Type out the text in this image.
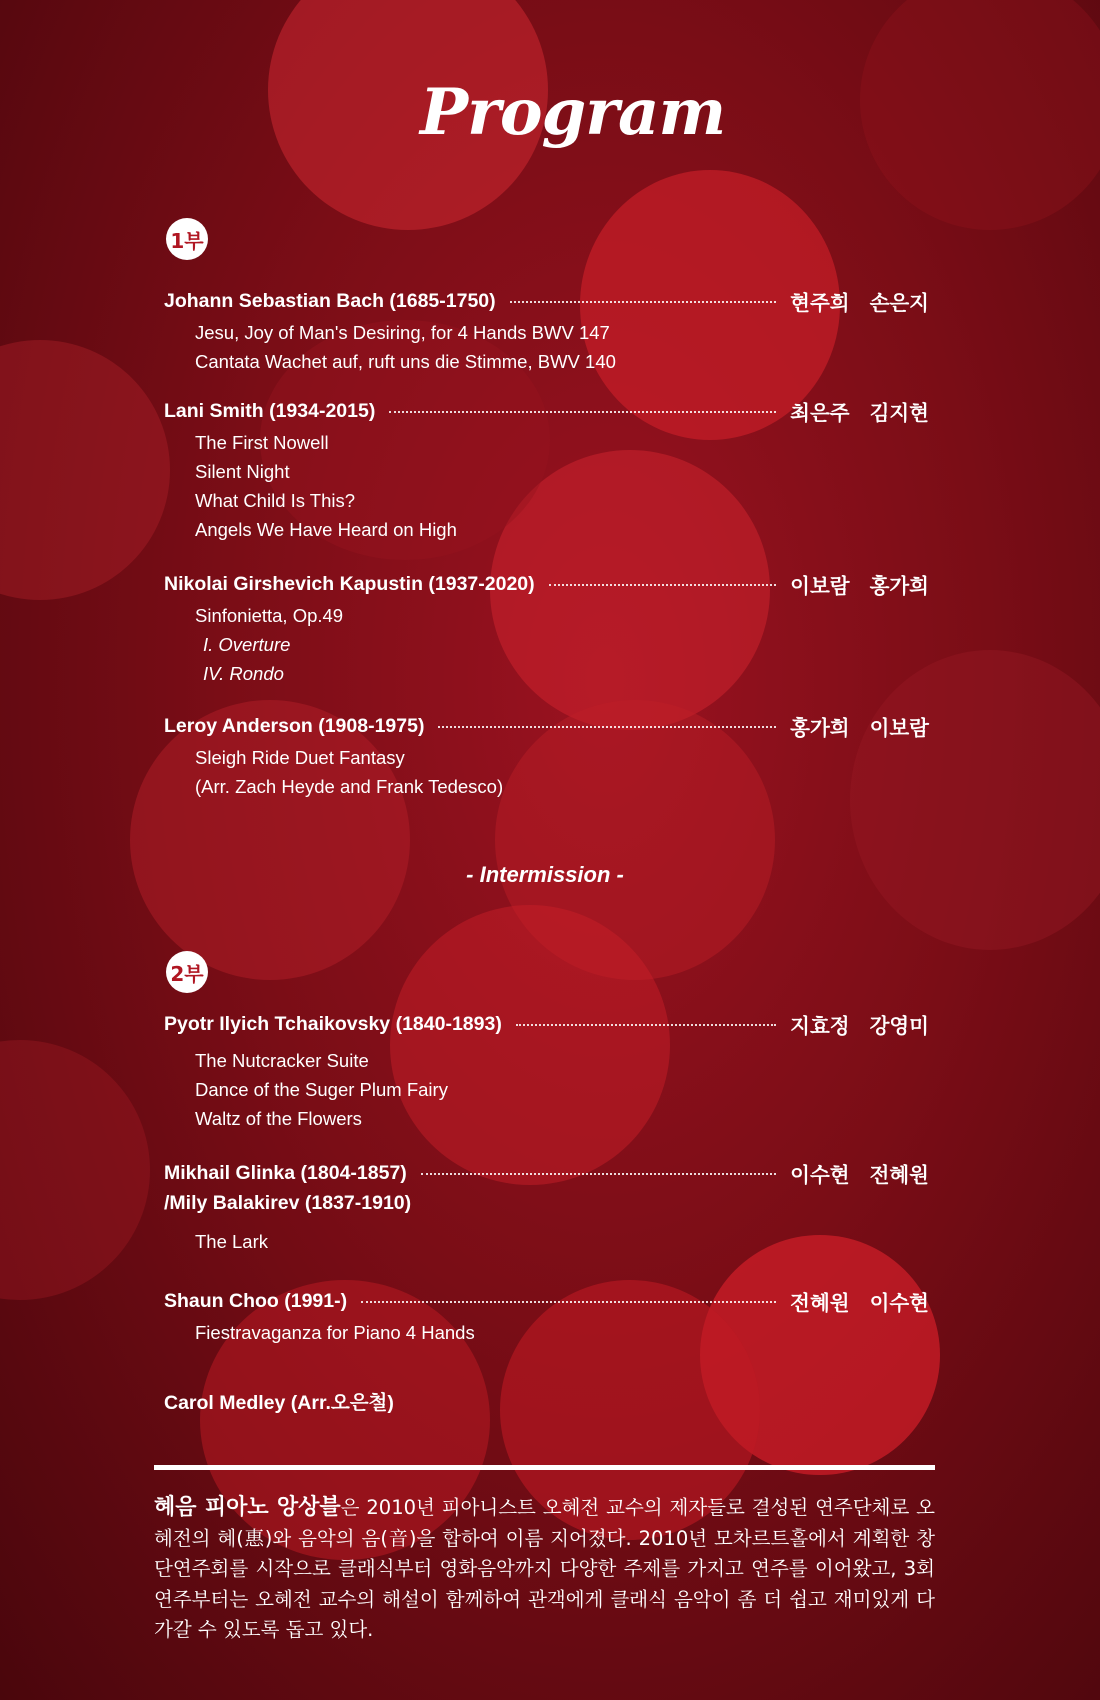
Program
1부
Johann Sebastian Bach (1685-1750)	현주희 손은지
Jesu, Joy of Man's Desiring, for 4 Hands BWV 147
Cantata Wachet auf, ruft uns die Stimme, BWV 140
Lani Smith (1934-2015)	최은주 김지현
The First Nowell
Silent Night
What Child Is This?
Angels We Have Heard on High
Nikolai Girshevich Kapustin (1937-2020)	이보람 홍가희
Sinfonietta, Op.49
I. Overture
IV. Rondo
Leroy Anderson (1908-1975)	홍가희 이보람
Sleigh Ride Duet Fantasy
(Arr. Zach Heyde and Frank Tedesco)
- Intermission -
2부
Pyotr Ilyich Tchaikovsky (1840-1893)	지효정 강영미
The Nutcracker Suite
Dance of the Suger Plum Fairy
Waltz of the Flowers
Mikhail Glinka (1804-1857)	이수현 전혜원
/Mily Balakirev (1837-1910)
The Lark
Shaun Choo (1991-)	전혜원 이수현
Fiestravaganza for Piano 4 Hands
Carol Medley (Arr.오은철)
혜음 피아노 앙상블은 2010년 피아니스트 오혜전 교수의 제자들로 결성된 연주단체로 오혜전의 혜(惠)와 음악의 음(音)을 합하여 이름 지어졌다. 2010년 모차르트홀에서 계획한 창단연주회를 시작으로 클래식부터 영화음악까지 다양한 주제를 가지고 연주를 이어왔고, 3회 연주부터는 오혜전 교수의 해설이 함께하여 관객에게 클래식 음악이 좀 더 쉽고 재미있게 다가갈 수 있도록 돕고 있다.
